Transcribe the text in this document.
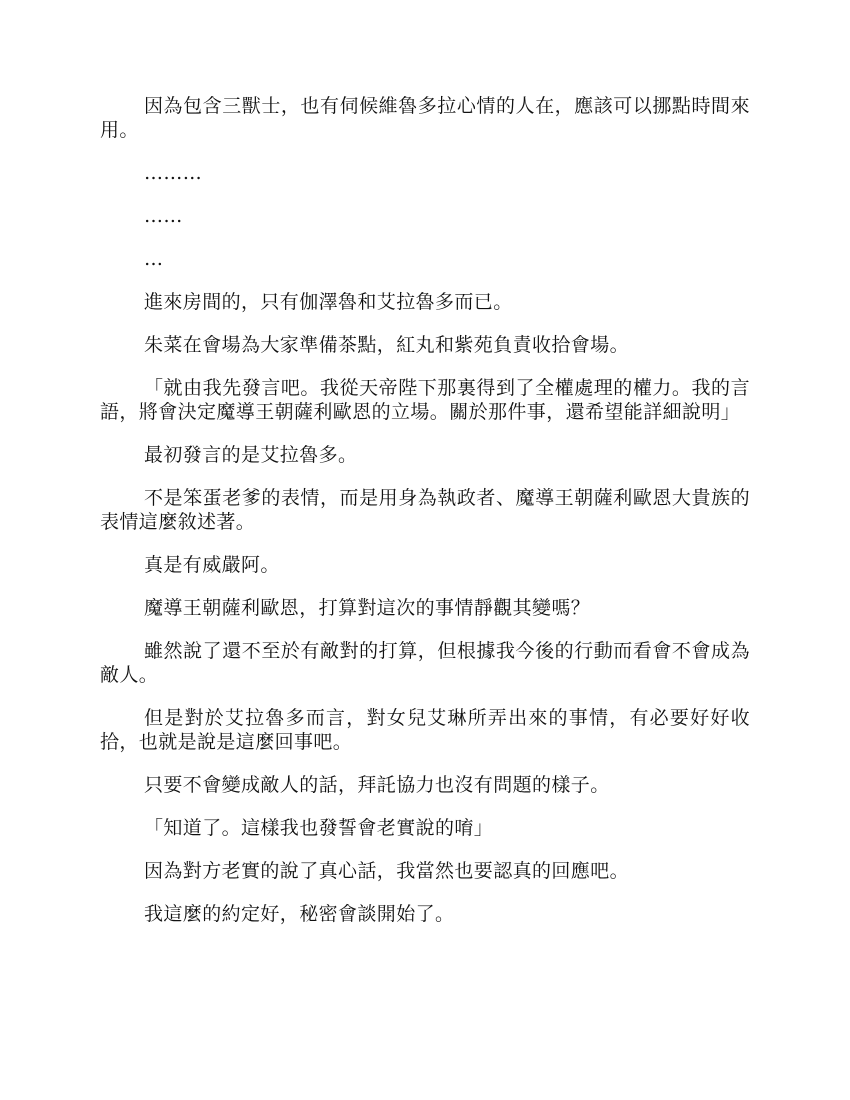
因為包含三獸士，也有伺候維魯多拉心情的人在，應該可以挪點時間來用。

………

……

…

進來房間的，只有伽澤魯和艾拉魯多而已。

朱菜在會場為大家準備茶點，紅丸和紫苑負責收拾會場。

「就由我先發言吧。我從天帝陛下那裏得到了全權處理的權力。我的言語，將會決定魔導王朝薩利歐恩的立場。關於那件事，還希望能詳細說明」

最初發言的是艾拉魯多。

不是笨蛋老爹的表情，而是用身為執政者、魔導王朝薩利歐恩大貴族的表情這麼敘述著。

真是有威嚴阿。

魔導王朝薩利歐恩，打算對這次的事情靜觀其變嗎？

雖然說了還不至於有敵對的打算，但根據我今後的行動而看會不會成為敵人。

但是對於艾拉魯多而言，對女兒艾琳所弄出來的事情，有必要好好收拾，也就是說是這麼回事吧。

只要不會變成敵人的話，拜託協力也沒有問題的樣子。

「知道了。這樣我也發誓會老實說的唷」

因為對方老實的說了真心話，我當然也要認真的回應吧。

我這麼的約定好，秘密會談開始了。
